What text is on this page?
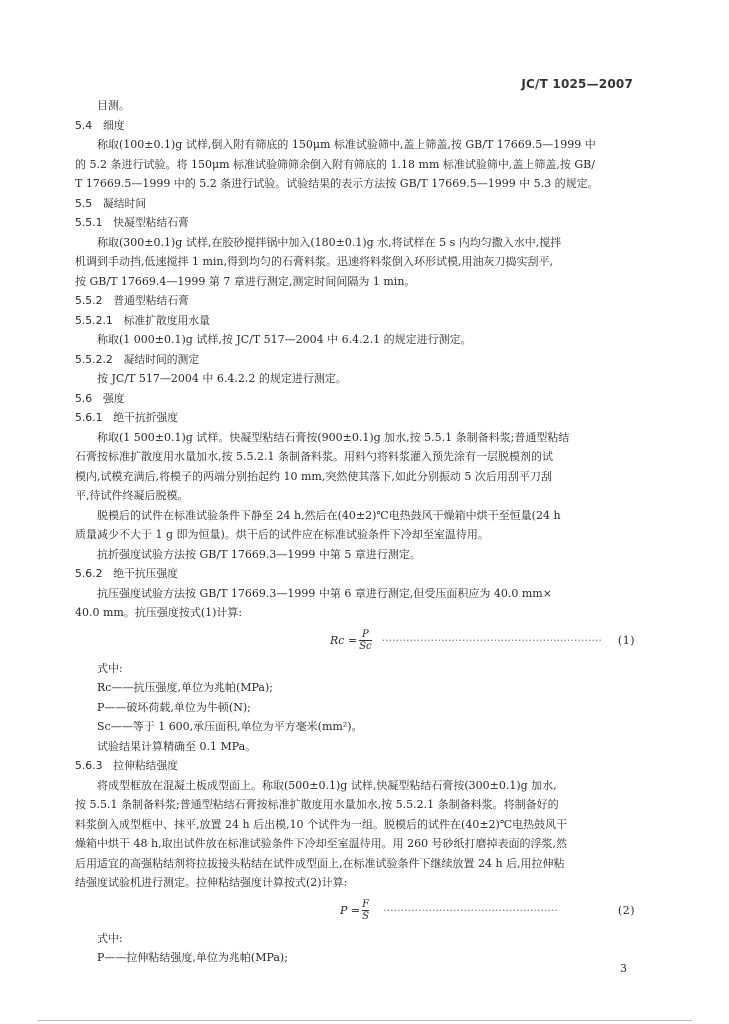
JC/T 1025—2007
目测。
5.4　细度
称取(100±0.1)g 试样,倒入附有筛底的 150μm 标准试验筛中,盖上筛盖,按 GB/T 17669.5—1999 中
的 5.2 条进行试验。将 150μm 标准试验筛筛余倒入附有筛底的 1.18 mm 标准试验筛中,盖上筛盖,按 GB/
T 17669.5—1999 中的 5.2 条进行试验。试验结果的表示方法按 GB/T 17669.5—1999 中 5.3 的规定。
5.5　凝结时间
5.5.1　快凝型粘结石膏
称取(300±0.1)g 试样,在胶砂搅拌锅中加入(180±0.1)g 水,将试样在 5 s 内均匀撒入水中,搅拌
机调到手动挡,低速搅拌 1 min,得到均匀的石膏料浆。迅速将料浆倒入环形试模,用油灰刀捣实刮平,
按 GB/T 17669.4—1999 第 7 章进行测定,测定时间间隔为 1 min。
5.5.2　普通型粘结石膏
5.5.2.1　标准扩散度用水量
称取(1 000±0.1)g 试样,按 JC/T 517—2004 中 6.4.2.1 的规定进行测定。
5.5.2.2　凝结时间的测定
按 JC/T 517—2004 中 6.4.2.2 的规定进行测定。
5.6　强度
5.6.1　绝干抗折强度
称取(1 500±0.1)g 试样。快凝型粘结石膏按(900±0.1)g 加水,按 5.5.1 条制备料浆;普通型粘结
石膏按标准扩散度用水量加水,按 5.5.2.1 条制备料浆。用料勺将料浆灌入预先涂有一层脱模剂的试
模内,试模充满后,将模子的两端分别抬起约 10 mm,突然使其落下,如此分别振动 5 次后用刮平刀刮
平,待试件终凝后脱模。
脱模后的试件在标准试验条件下静至 24 h,然后在(40±2)℃电热鼓风干燥箱中烘干至恒量(24 h
质量减少不大于 1 g 即为恒量)。烘干后的试件应在标准试验条件下冷却至室温待用。
抗折强度试验方法按 GB/T 17669.3—1999 中第 5 章进行测定。
5.6.2　绝干抗压强度
抗压强度试验方法按 GB/T 17669.3—1999 中第 6 章进行测定,但受压面积应为 40.0 mm×
40.0 mm。抗压强度按式(1)计算:
$Rc = \frac{P}{Sc}$ ······························································· (1)
式中:
Rc——抗压强度,单位为兆帕(MPa);
P——破坏荷载,单位为牛顿(N);
Sc——等于 1 600,承压面积,单位为平方毫米(mm²)。
试验结果计算精确至 0.1 MPa。
5.6.3　拉伸粘结强度
将成型框放在混凝土板成型面上。称取(500±0.1)g 试样,快凝型粘结石膏按(300±0.1)g 加水,
按 5.5.1 条制备料浆;普通型粘结石膏按标准扩散度用水量加水,按 5.5.2.1 条制备料浆。将制备好的
料浆倒入成型框中、抹平,放置 24 h 后出模,10 个试件为一组。脱模后的试件在(40±2)℃电热鼓风干
燥箱中烘干 48 h,取出试件放在标准试验条件下冷却至室温待用。用 260 号砂纸打磨掉表面的浮浆,然
后用适宜的高强粘结剂将拉拔接头粘结在试件成型面上,在标准试验条件下继续放置 24 h 后,用拉伸粘
结强度试验机进行测定。拉伸粘结强度计算按式(2)计算:
$P = \frac{F}{S}$ ··················································	(2)
式中:
P——拉伸粘结强度,单位为兆帕(MPa);
3
